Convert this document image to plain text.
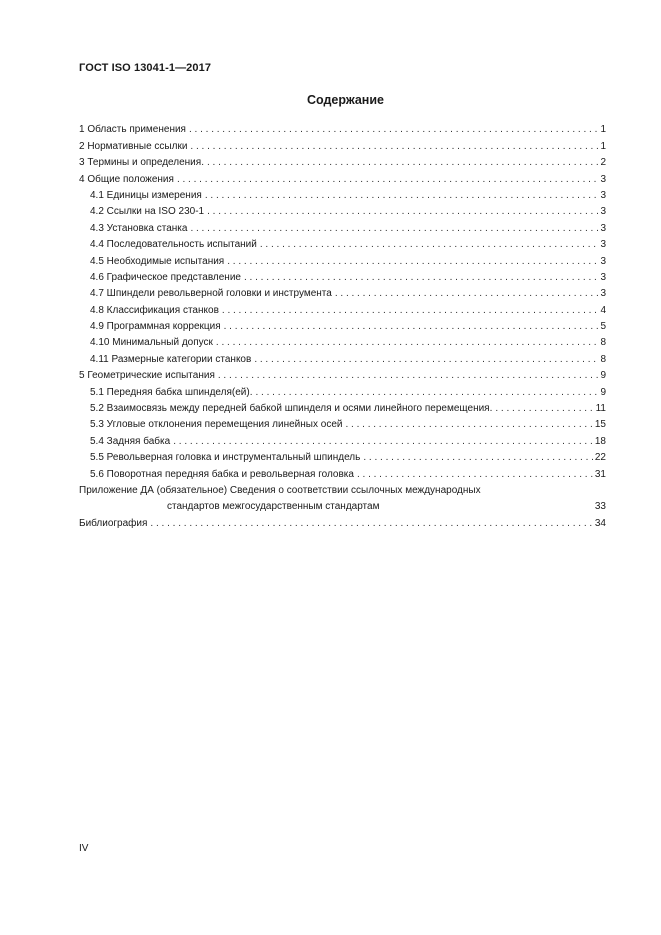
ГОСТ ISO 13041-1—2017
Содержание
1 Область применения . . .	1
2 Нормативные ссылки . . .	1
3 Термины и определения. . . .	2
4 Общие положения . . .	3
4.1 Единицы измерения . . .	3
4.2 Ссылки на ISO 230-1 . . .	3
4.3 Установка станка . . .	3
4.4 Последовательность испытаний . . .	3
4.5 Необходимые испытания . . .	3
4.6 Графическое представление . . .	3
4.7 Шпиндели револьверной головки и инструмента . . .	3
4.8 Классификация станков . . .	4
4.9 Программная коррекция . . .	5
4.10 Минимальный допуск . . .	8
4.11 Размерные категории станков . . .	8
5 Геометрические испытания . . .	9
5.1 Передняя бабка шпинделя(ей). . . .	9
5.2 Взаимосвязь между передней бабкой шпинделя и осями линейного перемещения. . . .	11
5.3 Угловые отклонения перемещения линейных осей . . .	15
5.4 Задняя бабка . . .	18
5.5 Револьверная головка и инструментальный шпиндель . . .	22
5.6 Поворотная передняя бабка и револьверная головка . . .	31
Приложение ДА (обязательное) Сведения о соответствии ссылочных международных
стандартов межгосударственным стандартам	33
Библиография . . .	34
IV
